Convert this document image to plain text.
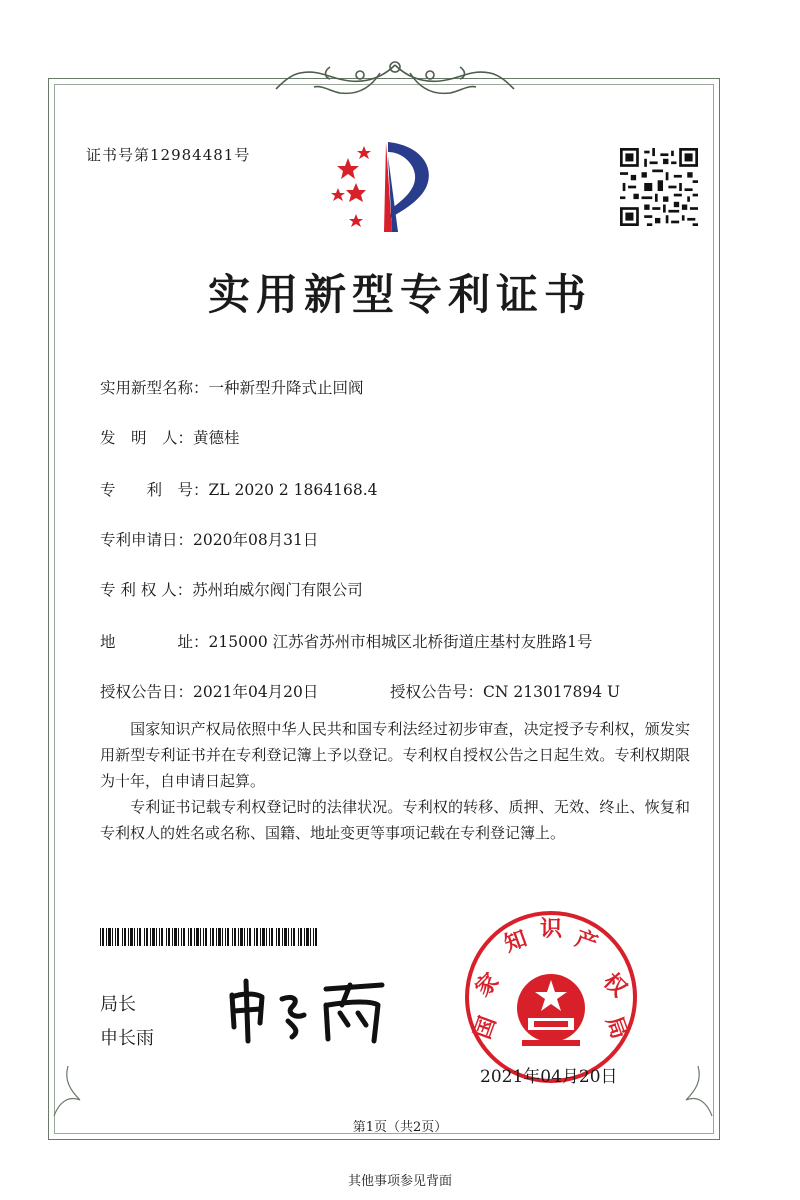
证书号第12984481号
实用新型专利证书
实用新型名称：一种新型升降式止回阀
发　明　人：黄德桂
专　　利　号：ZL 2020 2 1864168.4
专利申请日：2020年08月31日
专 利 权 人：苏州珀威尔阀门有限公司
地　　　　址：215000 江苏省苏州市相城区北桥街道庄基村友胜路1号
授权公告日：2021年04月20日	授权公告号：CN 213017894 U
国家知识产权局依照中华人民共和国专利法经过初步审查，决定授予专利权，颁发实用新型专利证书并在专利登记簿上予以登记。专利权自授权公告之日起生效。专利权期限为十年，自申请日起算。
专利证书记载专利权登记时的法律状况。专利权的转移、质押、无效、终止、恢复和专利权人的姓名或名称、国籍、地址变更等事项记载在专利登记簿上。
局长
申长雨	国
家
知 识 产
权
局
2021年04月20日
第1页（共2页）
其他事项参见背面
